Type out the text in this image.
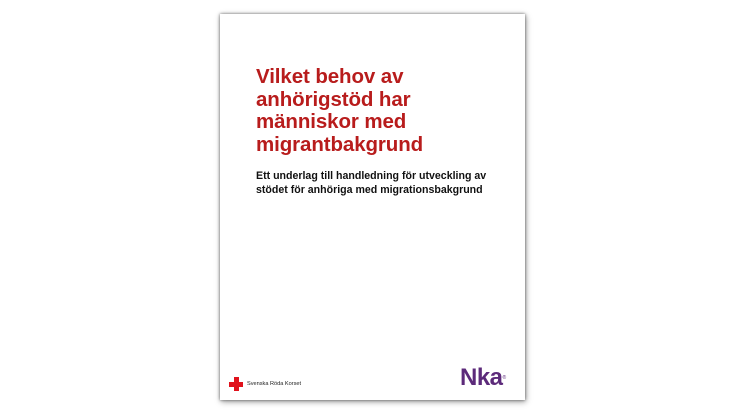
Vilket behov av
anhörigstöd har
människor med
migrantbakgrund

Ett underlag till handledning för utveckling av
stödet för anhöriga med migrationsbakgrund

Svenska Röda Korset	Nka®
